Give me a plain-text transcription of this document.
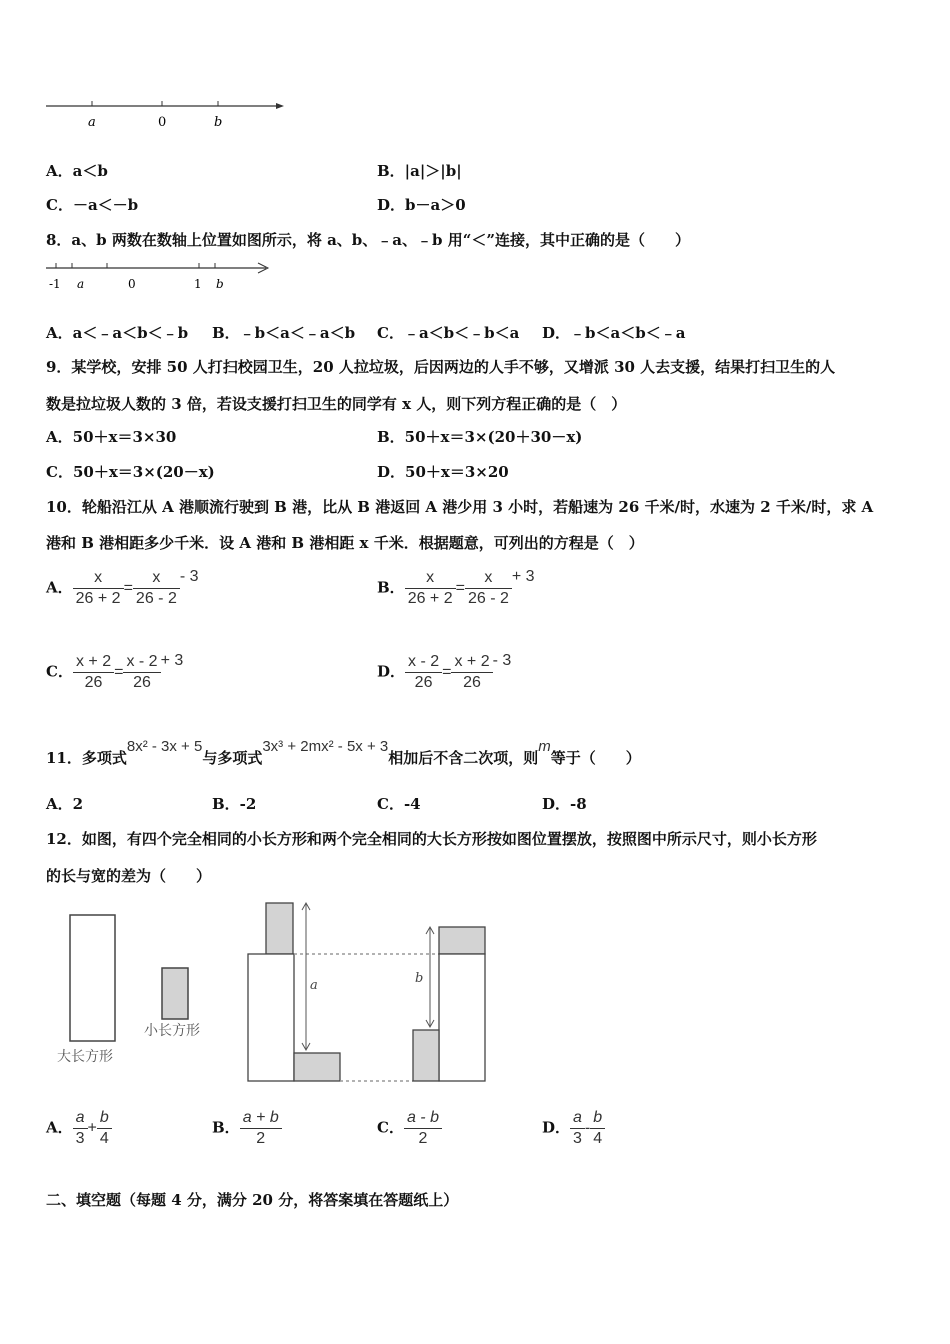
a	0	b
A．a＜b	B．|a|＞|b|
C．－a＜－b	D．b－a＞0
8．a、b 两数在数轴上位置如图所示，将 a、b、﹣a、﹣b 用“＜”连接，其中正确的是（　　）
-1 a	0	1 b
A．a＜﹣a＜b＜﹣b B．﹣b＜a＜﹣a＜b C．﹣a＜b＜﹣b＜a D．﹣b＜a＜b＜﹣a
9．某学校，安排 50 人打扫校园卫生，20 人拉垃圾，后因两边的人手不够，又增派 30 人去支援，结果打扫卫生的人
数是拉垃圾人数的 3 倍，若设支援打扫卫生的同学有 x 人，则下列方程正确的是（　）
A．50＋x＝3×30	B．50＋x＝3×(20＋30－x)
C．50＋x＝3×(20－x)	D．50＋x＝3×20
10．轮船沿江从 A 港顺流行驶到 B 港，比从 B 港返回 A 港少用 3 小时，若船速为 26 千米/时，水速为 2 千米/时，求 A
港和 B 港相距多少千米．设 A 港和 B 港相距 x 千米．根据题意，可列出的方程是（　）
A． $\frac{x}{26 + 2} = \frac{x}{26 - 2} - 3$
B． $\frac{x}{26 + 2} = \frac{x}{26 - 2} + 3$
C． $\frac{x + 2}{26} = \frac{x - 2}{26} + 3$
D． $\frac{x - 2}{26} = \frac{x + 2}{26} - 3$
11．多项式8x² - 3x + 5与多项式3x³ + 2mx² - 5x + 3相加后不含二次项，则m等于（　　）
A．2	B．-2	C．-4	D．-8
12．如图，有四个完全相同的小长方形和两个完全相同的大长方形按如图位置摆放，按照图中所示尺寸，则小长方形
的长与宽的差为（　　）
大长方形
小长方形
a	b
A． $\frac{a}{3} + \frac{b}{4}$	B． $\frac{a + b}{2}$	C． $\frac{a - b}{2}$	D． $\frac{a}{3} - \frac{b}{4}$
二、填空题（每题 4 分，满分 20 分，将答案填在答题纸上）
